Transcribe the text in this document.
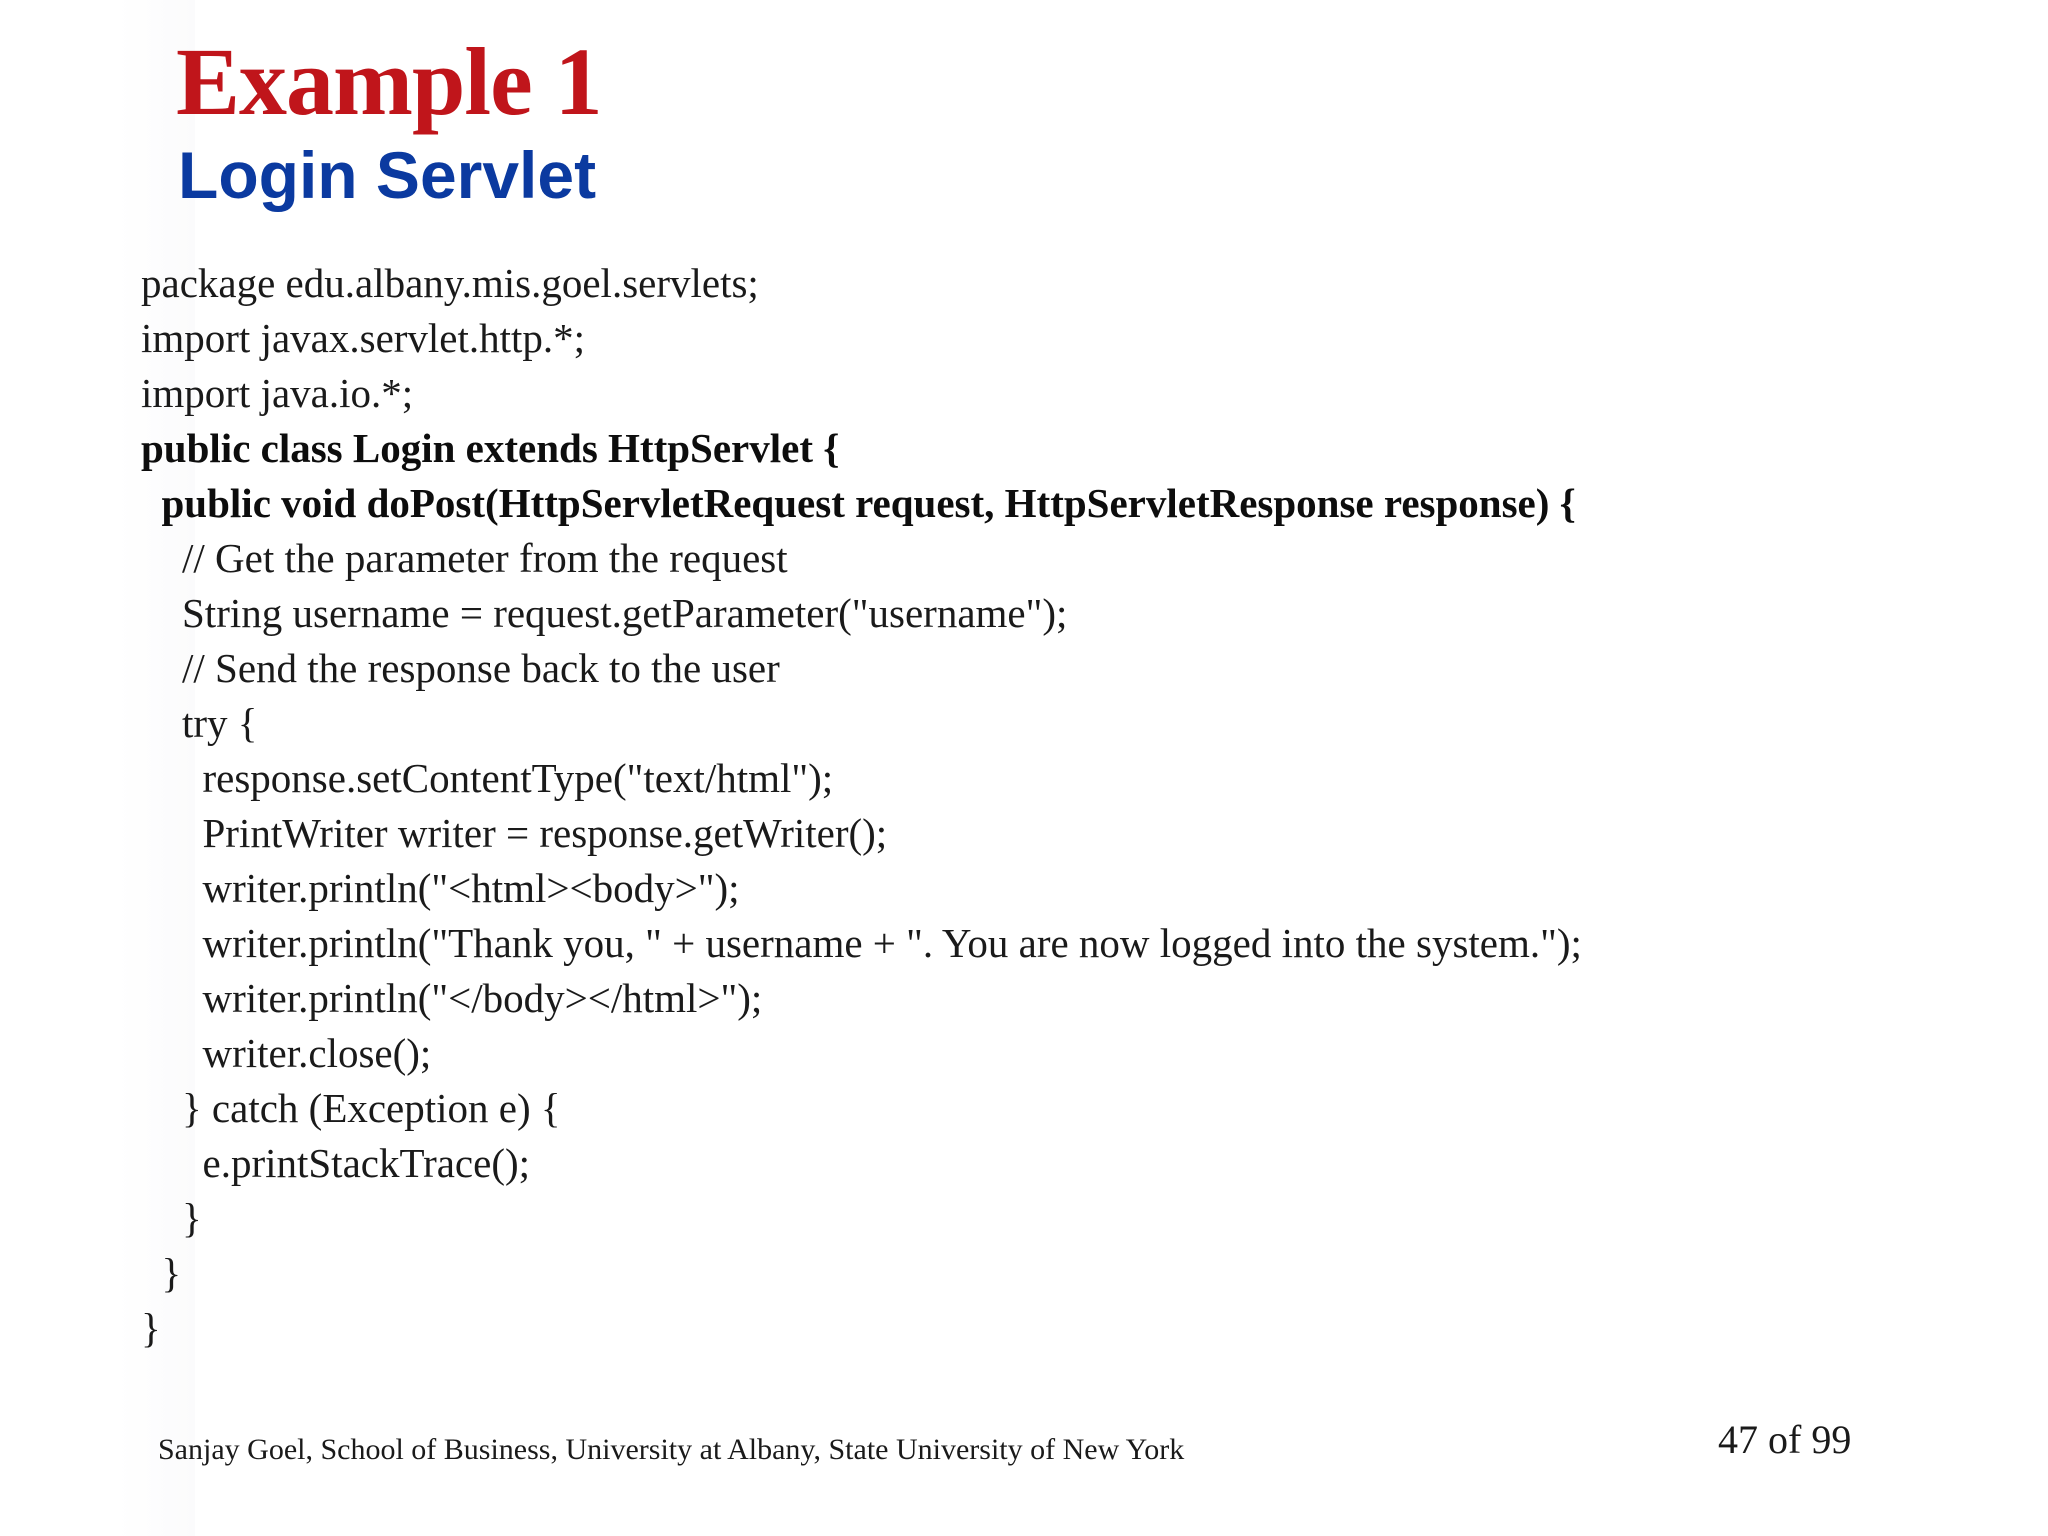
Example 1
Login Servlet
package edu.albany.mis.goel.servlets;
import javax.servlet.http.*;
import java.io.*;
public class Login extends HttpServlet {
public void doPost(HttpServletRequest request, HttpServletResponse response) {
// Get the parameter from the request
String username = request.getParameter("username");
// Send the response back to the user
try {
response.setContentType("text/html");
PrintWriter writer = response.getWriter();
writer.println("<html><body>");
writer.println("Thank you, " + username + ". You are now logged into the system.");
writer.println("</body></html>");
writer.close();
} catch (Exception e) {
e.printStackTrace();
}
}
}
Sanjay Goel, School of Business, University at Albany, State University of New York	47 of 99
